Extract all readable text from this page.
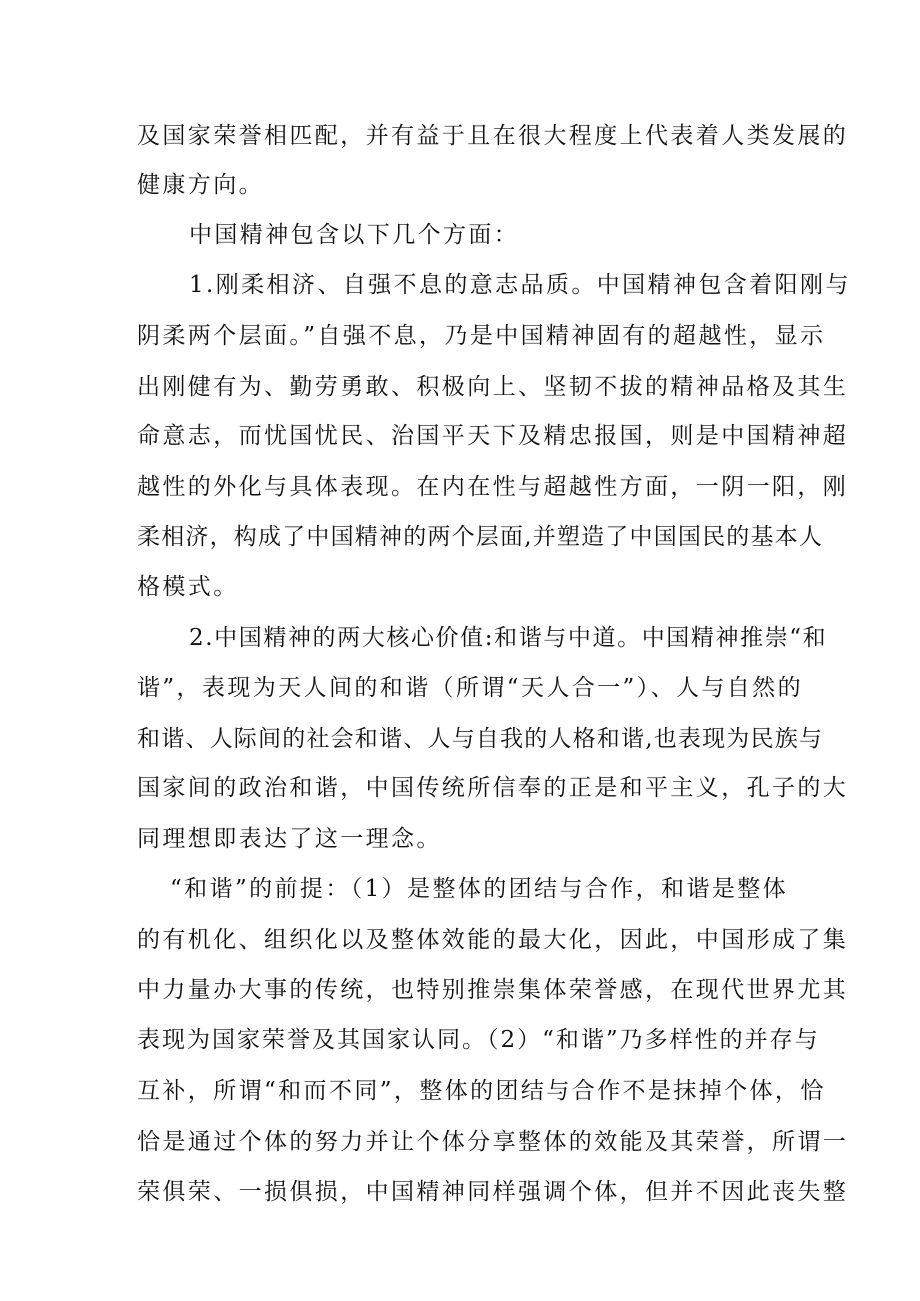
及国家荣誉相匹配，并有益于且在很大程度上代表着人类发展的
健康方向。
中国精神包含以下几个方面：
1.刚柔相济、自强不息的意志品质。中国精神包含着阳刚与
阴柔两个层面。”自强不息，乃是中国精神固有的超越性，显示
出刚健有为、勤劳勇敢、积极向上、坚韧不拔的精神品格及其生
命意志，而忧国忧民、治国平天下及精忠报国，则是中国精神超
越性的外化与具体表现。在内在性与超越性方面，一阴一阳，刚
柔相济，构成了中国精神的两个层面,并塑造了中国国民的基本人
格模式。
2.中国精神的两大核心价值:和谐与中道。中国精神推崇“和
谐”，表现为天人间的和谐（所谓“天人合一”）、人与自然的
和谐、人际间的社会和谐、人与自我的人格和谐,也表现为民族与
国家间的政治和谐，中国传统所信奉的正是和平主义，孔子的大
同理想即表达了这一理念。
“和谐”的前提：（1）是整体的团结与合作，和谐是整体
的有机化、组织化以及整体效能的最大化，因此，中国形成了集
中力量办大事的传统，也特别推崇集体荣誉感，在现代世界尤其
表现为国家荣誉及其国家认同。（2）“和谐”乃多样性的并存与
互补，所谓“和而不同”，整体的团结与合作不是抹掉个体，恰
恰是通过个体的努力并让个体分享整体的效能及其荣誉，所谓一
荣俱荣、一损俱损，中国精神同样强调个体，但并不因此丧失整
